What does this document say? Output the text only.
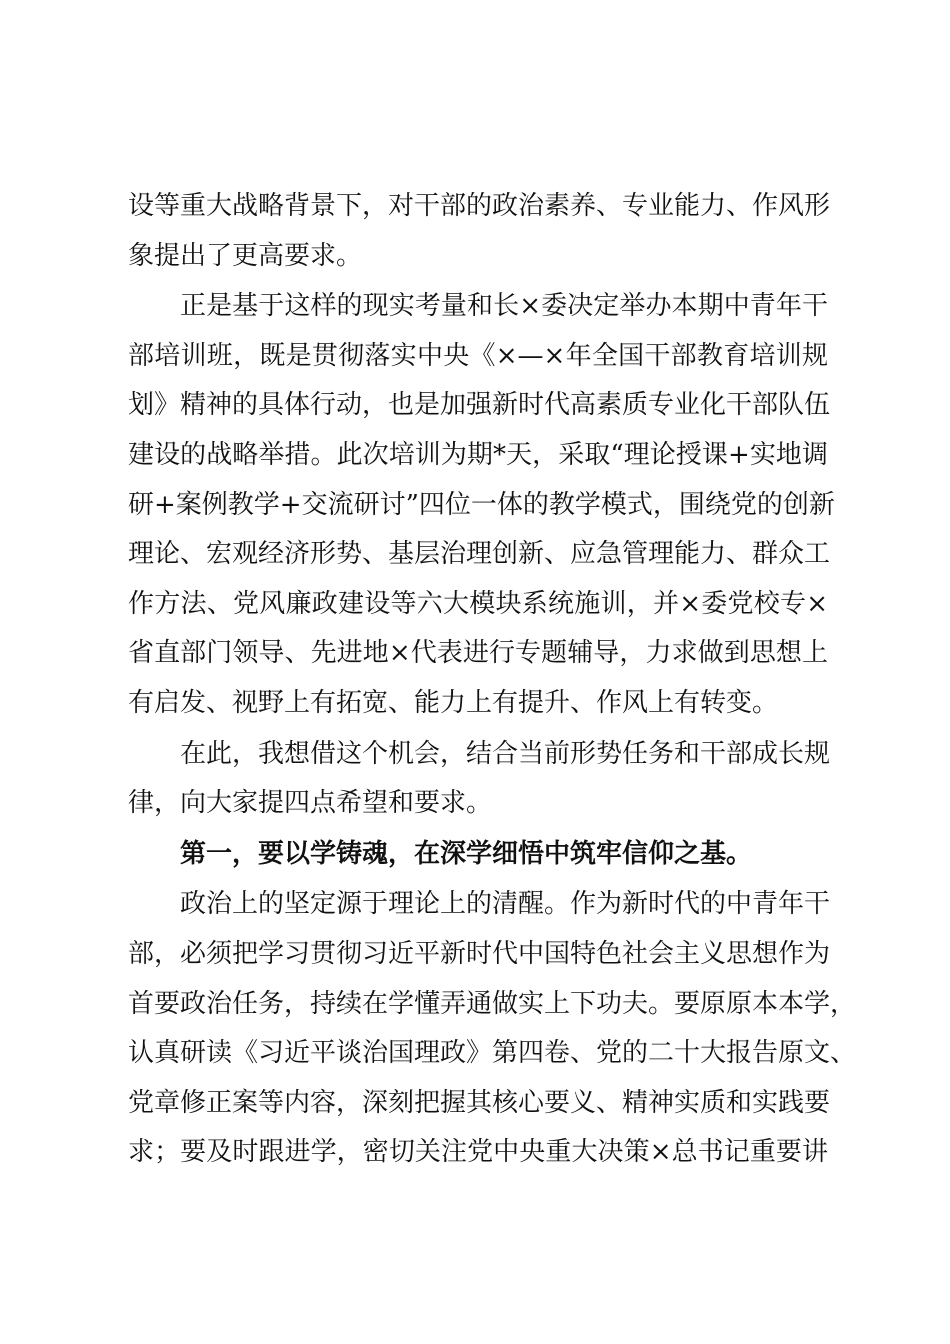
设等重大战略背景下，对干部的政治素养、专业能力、作风形
象提出了更高要求。
正是基于这样的现实考量和长×委决定举办本期中青年干
部培训班，既是贯彻落实中央《×—×年全国干部教育培训规
划》精神的具体行动，也是加强新时代高素质专业化干部队伍
建设的战略举措。此次培训为期*天，采取“理论授课+实地调
研+案例教学+交流研讨”四位一体的教学模式，围绕党的创新
理论、宏观经济形势、基层治理创新、应急管理能力、群众工
作方法、党风廉政建设等六大模块系统施训，并×委党校专×
省直部门领导、先进地×代表进行专题辅导，力求做到思想上
有启发、视野上有拓宽、能力上有提升、作风上有转变。
在此，我想借这个机会，结合当前形势任务和干部成长规
律，向大家提四点希望和要求。
第一，要以学铸魂，在深学细悟中筑牢信仰之基。
政治上的坚定源于理论上的清醒。作为新时代的中青年干
部，必须把学习贯彻习近平新时代中国特色社会主义思想作为
首要政治任务，持续在学懂弄通做实上下功夫。要原原本本学，
认真研读《习近平谈治国理政》第四卷、党的二十大报告原文、
党章修正案等内容，深刻把握其核心要义、精神实质和实践要
求；要及时跟进学，密切关注党中央重大决策×总书记重要讲
